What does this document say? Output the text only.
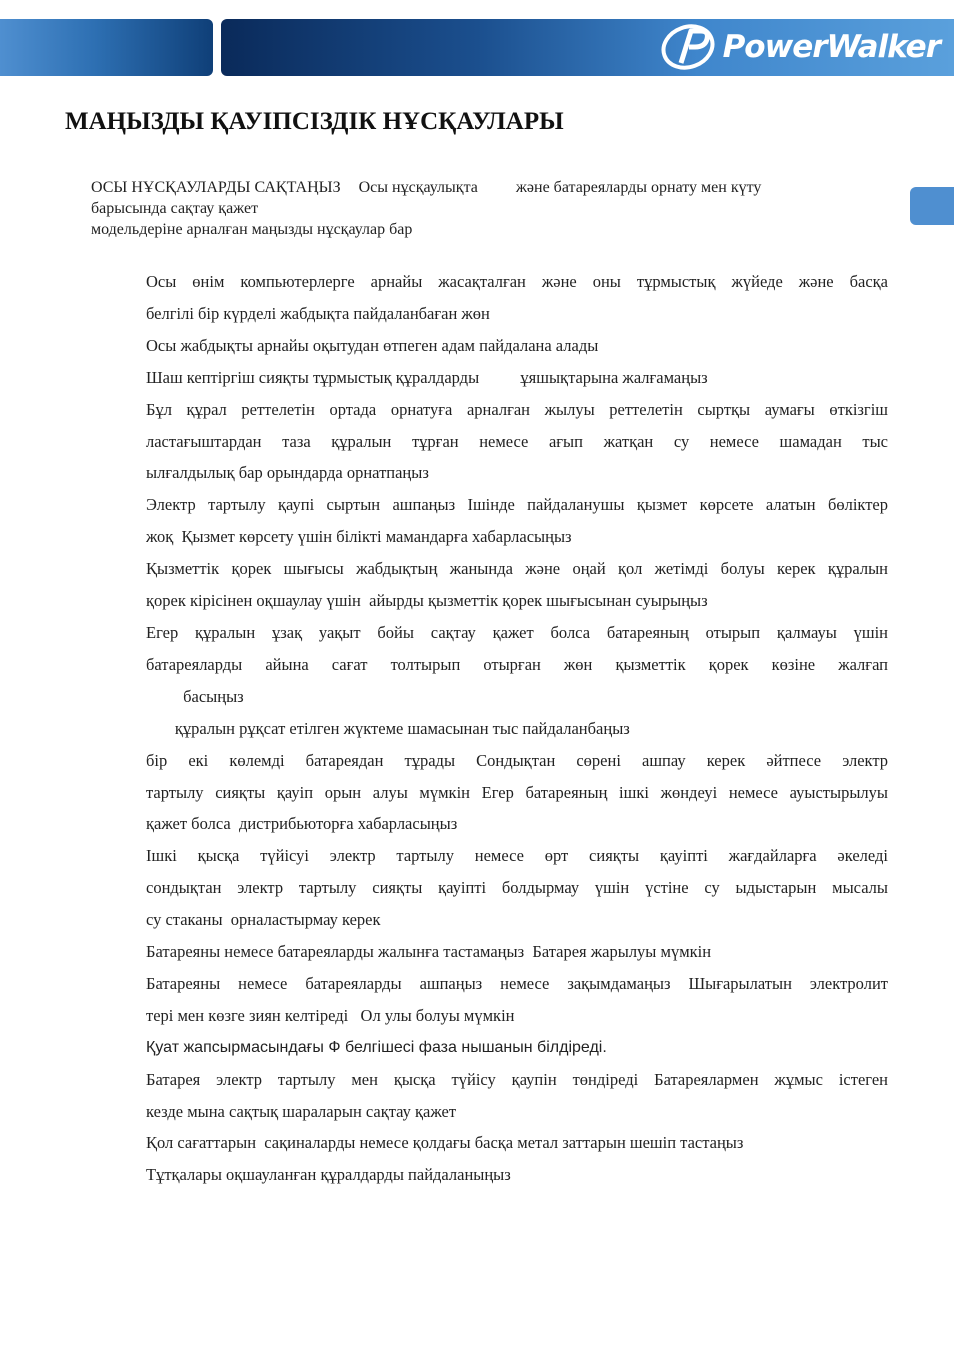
PowerWalker
МАҢЫЗДЫ ҚАУІПСІЗДІК НҰСҚАУЛАРЫ
ОСЫ НҰСҚАУЛАРДЫ САҚТАҢЫЗ Осы нұсқаулықта және батареяларды орнату мен күту
барысында сақтау қажет
модельдеріне арналған маңызды нұсқаулар бар
Осы өнім компьютерлерге арнайы жасақталған және оны тұрмыстық жүйеде және басқа
белгілі бір күрделі жабдықта пайдаланбаған жөн
Осы жабдықты арнайы оқытудан өтпеген адам пайдалана алады
Шаш кептіргіш сияқты тұрмыстық құралдарды          ұяшықтарына жалғамаңыз
Бұл құрал реттелетін ортада орнатуға арналған жылуы реттелетін сыртқы аумағы өткізгіш
ластағыштардан таза құралын тұрған немесе ағып жатқан су немесе шамадан тыс
ылғалдылық бар орындарда орнатпаңыз
Электр тартылу қаупі сыртын ашпаңыз Ішінде пайдаланушы қызмет көрсете алатын бөліктер
жоқ  Қызмет көрсету үшін білікті мамандарға хабарласыңыз
Қызметтік қорек шығысы жабдықтың жанында және оңай қол жетімді болуы керек құралын
қорек кірісінен оқшаулау үшін  айырды қызметтік қорек шығысынан суырыңыз
Егер құралын ұзақ уақыт бойы сақтау қажет болса батареяның отырып қалмауы үшін
батареяларды айына сағат толтырып отырған жөн қызметтік қорек көзіне жалғап
басыңыз
құралын рұқсат етілген жүктеме шамасынан тыс пайдаланбаңыз
бір екі көлемді батареядан тұрады Сондықтан сөрені ашпау керек әйтпесе электр
тартылу сияқты қауіп орын алуы мүмкін Егер батареяның ішкі жөндеуі немесе ауыстырылуы
қажет болса  дистрибьюторға хабарласыңыз
Ішкі қысқа түйісуі электр тартылу немесе өрт сияқты қауіпті жағдайларға әкеледі
сондықтан электр тартылу сияқты қауіпті болдырмау үшін үстіне су ыдыстарын мысалы
су стаканы  орналастырмау керек
Батареяны немесе батареяларды жалынға тастамаңыз  Батарея жарылуы мүмкін
Батареяны немесе батареяларды ашпаңыз немесе зақымдамаңыз Шығарылатын электролит
тері мен көзге зиян келтіреді   Ол улы болуы мүмкін
Қуат жапсырмасындағы Ф белгішесі фаза нышанын білдіреді.
Батарея электр тартылу мен қысқа түйісу қаупін төндіреді Батареялармен жұмыс істеген
кезде мына сақтық шараларын сақтау қажет
Қол сағаттарын  сақиналарды немесе қолдағы басқа метал заттарын шешіп тастаңыз
Тұтқалары оқшауланған құралдарды пайдаланыңыз
